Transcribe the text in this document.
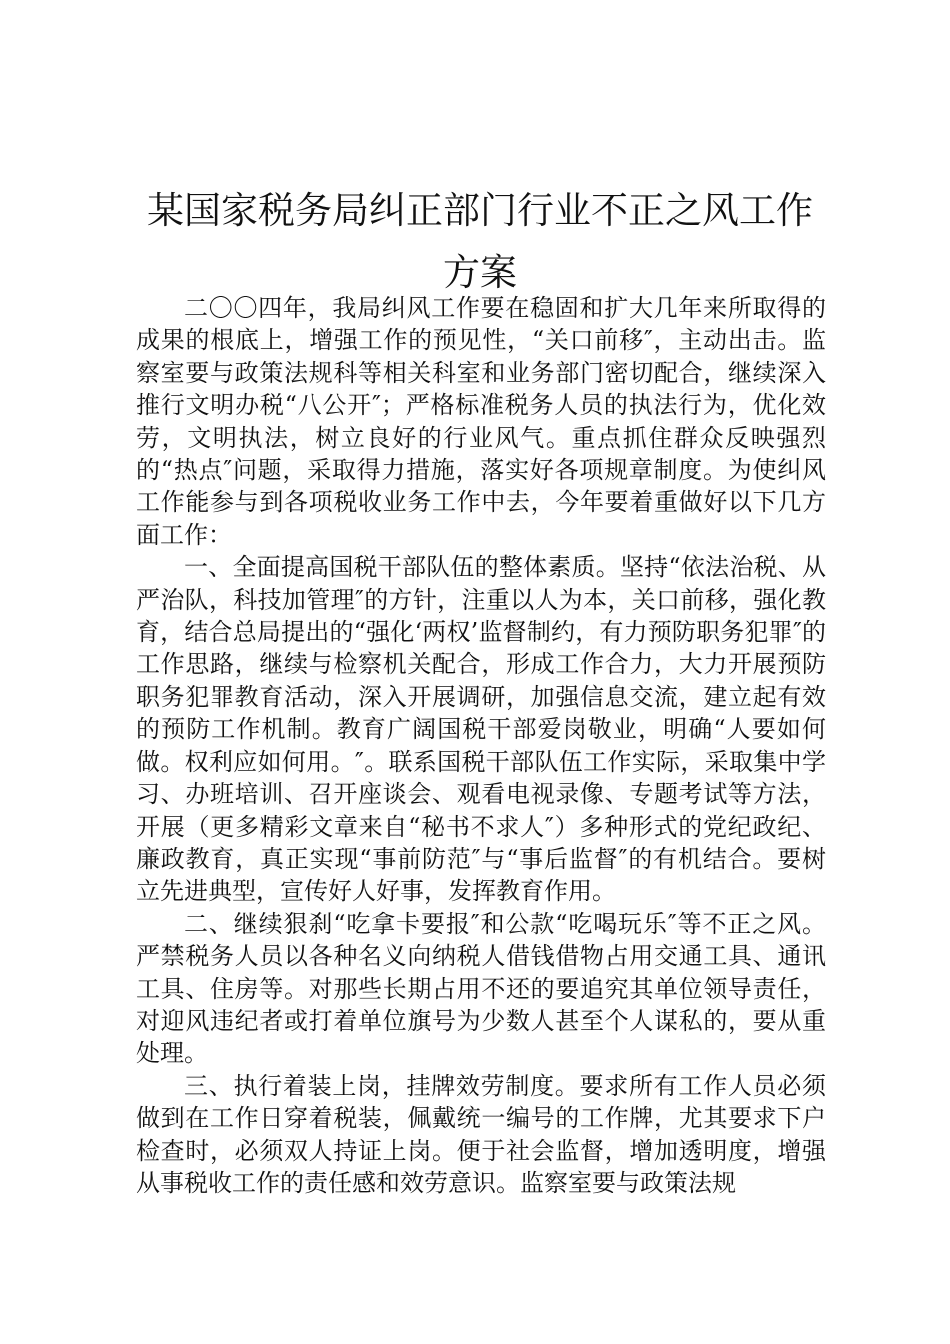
某国家税务局纠正部门行业不正之风工作方案

二〇〇四年，我局纠风工作要在稳固和扩大几年来所取得的成果的根底上，增强工作的预见性，“关口前移″，主动出击。监察室要与政策法规科等相关科室和业务部门密切配合，继续深入推行文明办税“八公开″；严格标准税务人员的执法行为，优化效劳，文明执法，树立良好的行业风气。重点抓住群众反映强烈的“热点″问题，采取得力措施，落实好各项规章制度。为使纠风工作能参与到各项税收业务工作中去，今年要着重做好以下几方面工作：

一、全面提高国税干部队伍的整体素质。坚持“依法治税、从严治队，科技加管理″的方针，注重以人为本，关口前移，强化教育，结合总局提出的“强化‘两权’监督制约，有力预防职务犯罪″的工作思路，继续与检察机关配合，形成工作合力，大力开展预防职务犯罪教育活动，深入开展调研，加强信息交流，建立起有效的预防工作机制。教育广阔国税干部爱岗敬业，明确“人要如何做。权利应如何用。″。联系国税干部队伍工作实际，采取集中学习、办班培训、召开座谈会、观看电视录像、专题考试等方法，开展（更多精彩文章来自“秘书不求人″）多种形式的党纪政纪、廉政教育，真正实现“事前防范″与“事后监督″的有机结合。要树立先进典型，宣传好人好事，发挥教育作用。

二、继续狠刹“吃拿卡要报″和公款“吃喝玩乐″等不正之风。严禁税务人员以各种名义向纳税人借钱借物占用交通工具、通讯工具、住房等。对那些长期占用不还的要追究其单位领导责任，对迎风违纪者或打着单位旗号为少数人甚至个人谋私的，要从重处理。

三、执行着装上岗，挂牌效劳制度。要求所有工作人员必须做到在工作日穿着税装，佩戴统一编号的工作牌，尤其要求下户检查时，必须双人持证上岗。便于社会监督，增加透明度，增强从事税收工作的责任感和效劳意识。监察室要与政策法规
